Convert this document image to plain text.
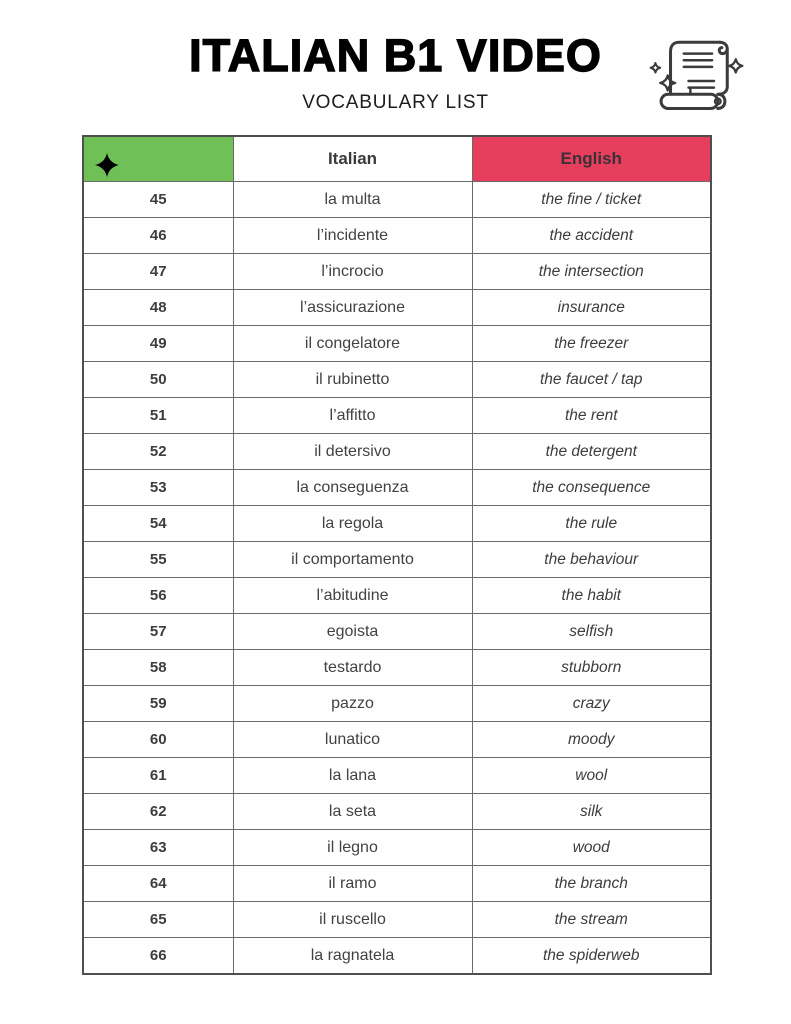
ITALIAN B1 VIDEO
VOCABULARY LIST
	Italian	English
45	la multa	the fine / ticket
46	l’incidente	the accident
47	l’incrocio	the intersection
48	l’assicurazione	insurance
49	il congelatore	the freezer
50	il rubinetto	the faucet / tap
51	l’affitto	the rent
52	il detersivo	the detergent
53	la conseguenza	the consequence
54	la regola	the rule
55	il comportamento	the behaviour
56	l’abitudine	the habit
57	egoista	selfish
58	testardo	stubborn
59	pazzo	crazy
60	lunatico	moody
61	la lana	wool
62	la seta	silk
63	il legno	wood
64	il ramo	the branch
65	il ruscello	the stream
66	la ragnatela	the spiderweb
